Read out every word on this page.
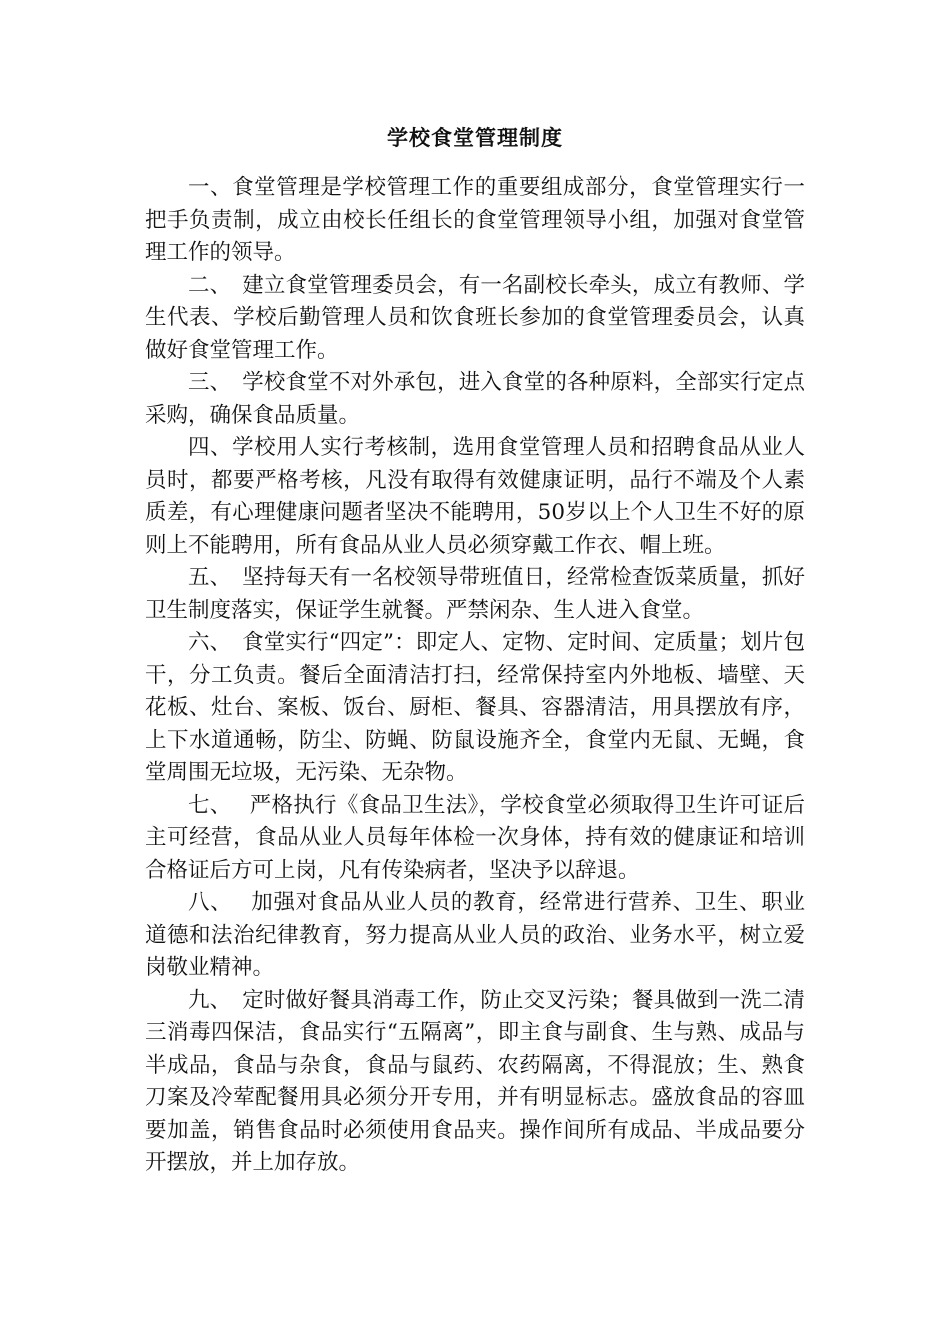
学校食堂管理制度

一、食堂管理是学校管理工作的重要组成部分，食堂管理实行一把手负责制，成立由校长任组长的食堂管理领导小组，加强对食堂管理工作的领导。

二、　建立食堂管理委员会，有一名副校长牵头，成立有教师、学生代表、学校后勤管理人员和饮食班长参加的食堂管理委员会，认真做好食堂管理工作。

三、　学校食堂不对外承包，进入食堂的各种原料，全部实行定点采购，确保食品质量。

四、学校用人实行考核制，选用食堂管理人员和招聘食品从业人员时，都要严格考核，凡没有取得有效健康证明，品行不端及个人素质差，有心理健康问题者坚决不能聘用，50岁以上个人卫生不好的原则上不能聘用，所有食品从业人员必须穿戴工作衣、帽上班。

五、　坚持每天有一名校领导带班值日，经常检查饭菜质量，抓好卫生制度落实，保证学生就餐。严禁闲杂、生人进入食堂。

六、　食堂实行“四定”：即定人、定物、定时间、定质量；划片包干，分工负责。餐后全面清洁打扫，经常保持室内外地板、墙壁、天花板、灶台、案板、饭台、厨柜、餐具、容器清洁，用具摆放有序，上下水道通畅，防尘、防蝇、防鼠设施齐全，食堂内无鼠、无蝇，食堂周围无垃圾，无污染、无杂物。

七、　 严格执行《食品卫生法》，学校食堂必须取得卫生许可证后主可经营，食品从业人员每年体检一次身体，持有效的健康证和培训合格证后方可上岗，凡有传染病者，坚决予以辞退。

八、　 加强对食品从业人员的教育，经常进行营养、卫生、职业道德和法治纪律教育，努力提高从业人员的政治、业务水平，树立爱岗敬业精神。

九、　定时做好餐具消毒工作，防止交叉污染；餐具做到一洗二清三消毒四保洁，食品实行“五隔离”，即主食与副食、生与熟、成品与半成品，食品与杂食，食品与鼠药、农药隔离，不得混放；生、熟食刀案及冷荤配餐用具必须分开专用，并有明显标志。盛放食品的容皿要加盖，销售食品时必须使用食品夹。操作间所有成品、半成品要分开摆放，并上加存放。
